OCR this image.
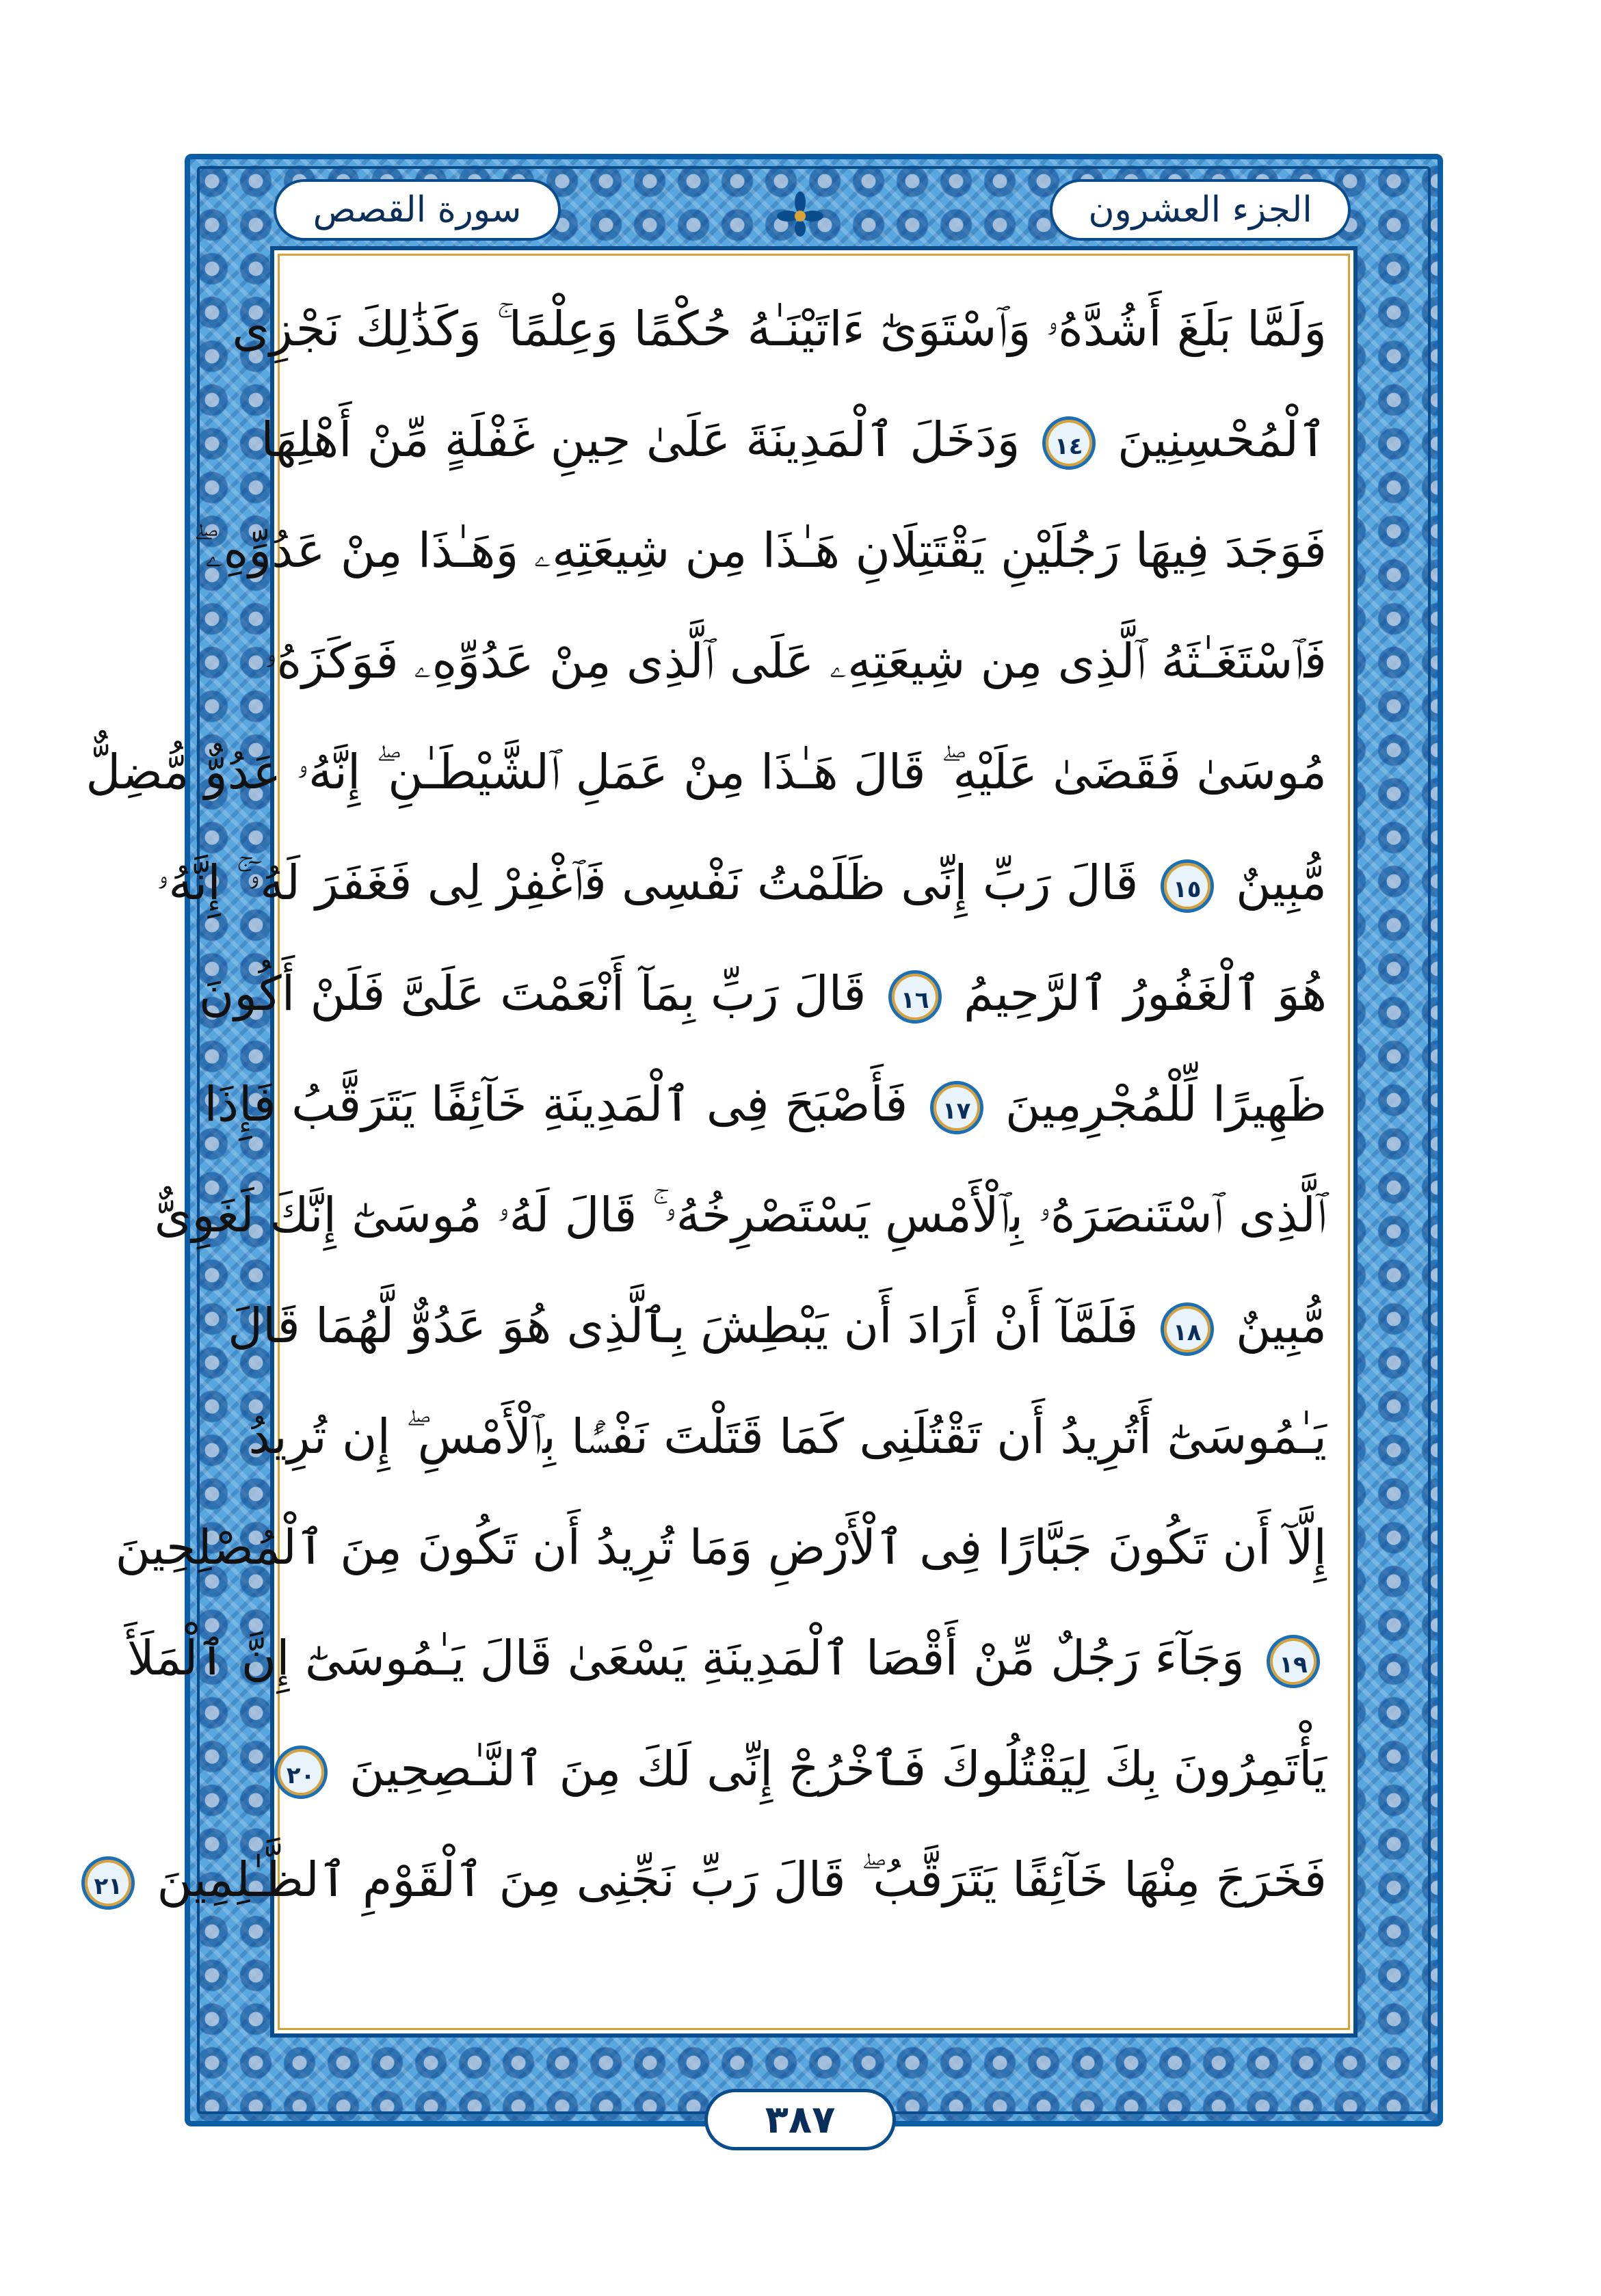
الجزء العشرون
سورة القصص
وَلَمَّا بَلَغَ أَشُدَّهُۥ وَٱسْتَوَىٰٓ ءَاتَيْنَـٰهُ حُكْمًا وَعِلْمًا ۚ وَكَذَٰلِكَ نَجْزِى
ٱلْمُحْسِنِينَ ١٤ وَدَخَلَ ٱلْمَدِينَةَ عَلَىٰ حِينِ غَفْلَةٍ مِّنْ أَهْلِهَا
فَوَجَدَ فِيهَا رَجُلَيْنِ يَقْتَتِلَانِ هَـٰذَا مِن شِيعَتِهِۦ وَهَـٰذَا مِنْ عَدُوِّهِۦ ۖ
فَٱسْتَغَـٰثَهُ ٱلَّذِى مِن شِيعَتِهِۦ عَلَى ٱلَّذِى مِنْ عَدُوِّهِۦ فَوَكَزَهُۥ
مُوسَىٰ فَقَضَىٰ عَلَيْهِ ۖ قَالَ هَـٰذَا مِنْ عَمَلِ ٱلشَّيْطَـٰنِ ۖ إِنَّهُۥ عَدُوٌّ مُّضِلٌّ
مُّبِينٌ ١٥ قَالَ رَبِّ إِنِّى ظَلَمْتُ نَفْسِى فَٱغْفِرْ لِى فَغَفَرَ لَهُۥٓ ۚ إِنَّهُۥ
هُوَ ٱلْغَفُورُ ٱلرَّحِيمُ ١٦ قَالَ رَبِّ بِمَآ أَنْعَمْتَ عَلَىَّ فَلَنْ أَكُونَ
ظَهِيرًا لِّلْمُجْرِمِينَ ١٧ فَأَصْبَحَ فِى ٱلْمَدِينَةِ خَآئِفًا يَتَرَقَّبُ فَإِذَا
ٱلَّذِى ٱسْتَنصَرَهُۥ بِٱلْأَمْسِ يَسْتَصْرِخُهُۥ ۚ قَالَ لَهُۥ مُوسَىٰٓ إِنَّكَ لَغَوِىٌّ
مُّبِينٌ ١٨ فَلَمَّآ أَنْ أَرَادَ أَن يَبْطِشَ بِٱلَّذِى هُوَ عَدُوٌّ لَّهُمَا قَالَ
يَـٰمُوسَىٰٓ أَتُرِيدُ أَن تَقْتُلَنِى كَمَا قَتَلْتَ نَفْسًۢا بِٱلْأَمْسِ ۖ إِن تُرِيدُ
إِلَّآ أَن تَكُونَ جَبَّارًا فِى ٱلْأَرْضِ وَمَا تُرِيدُ أَن تَكُونَ مِنَ ٱلْمُصْلِحِينَ
١٩ وَجَآءَ رَجُلٌ مِّنْ أَقْصَا ٱلْمَدِينَةِ يَسْعَىٰ قَالَ يَـٰمُوسَىٰٓ إِنَّ ٱلْمَلَأَ
يَأْتَمِرُونَ بِكَ لِيَقْتُلُوكَ فَٱخْرُجْ إِنِّى لَكَ مِنَ ٱلنَّـٰصِحِينَ ٢٠
فَخَرَجَ مِنْهَا خَآئِفًا يَتَرَقَّبُ ۖ قَالَ رَبِّ نَجِّنِى مِنَ ٱلْقَوْمِ ٱلظَّـٰلِمِينَ ٢١
٣٨٧
